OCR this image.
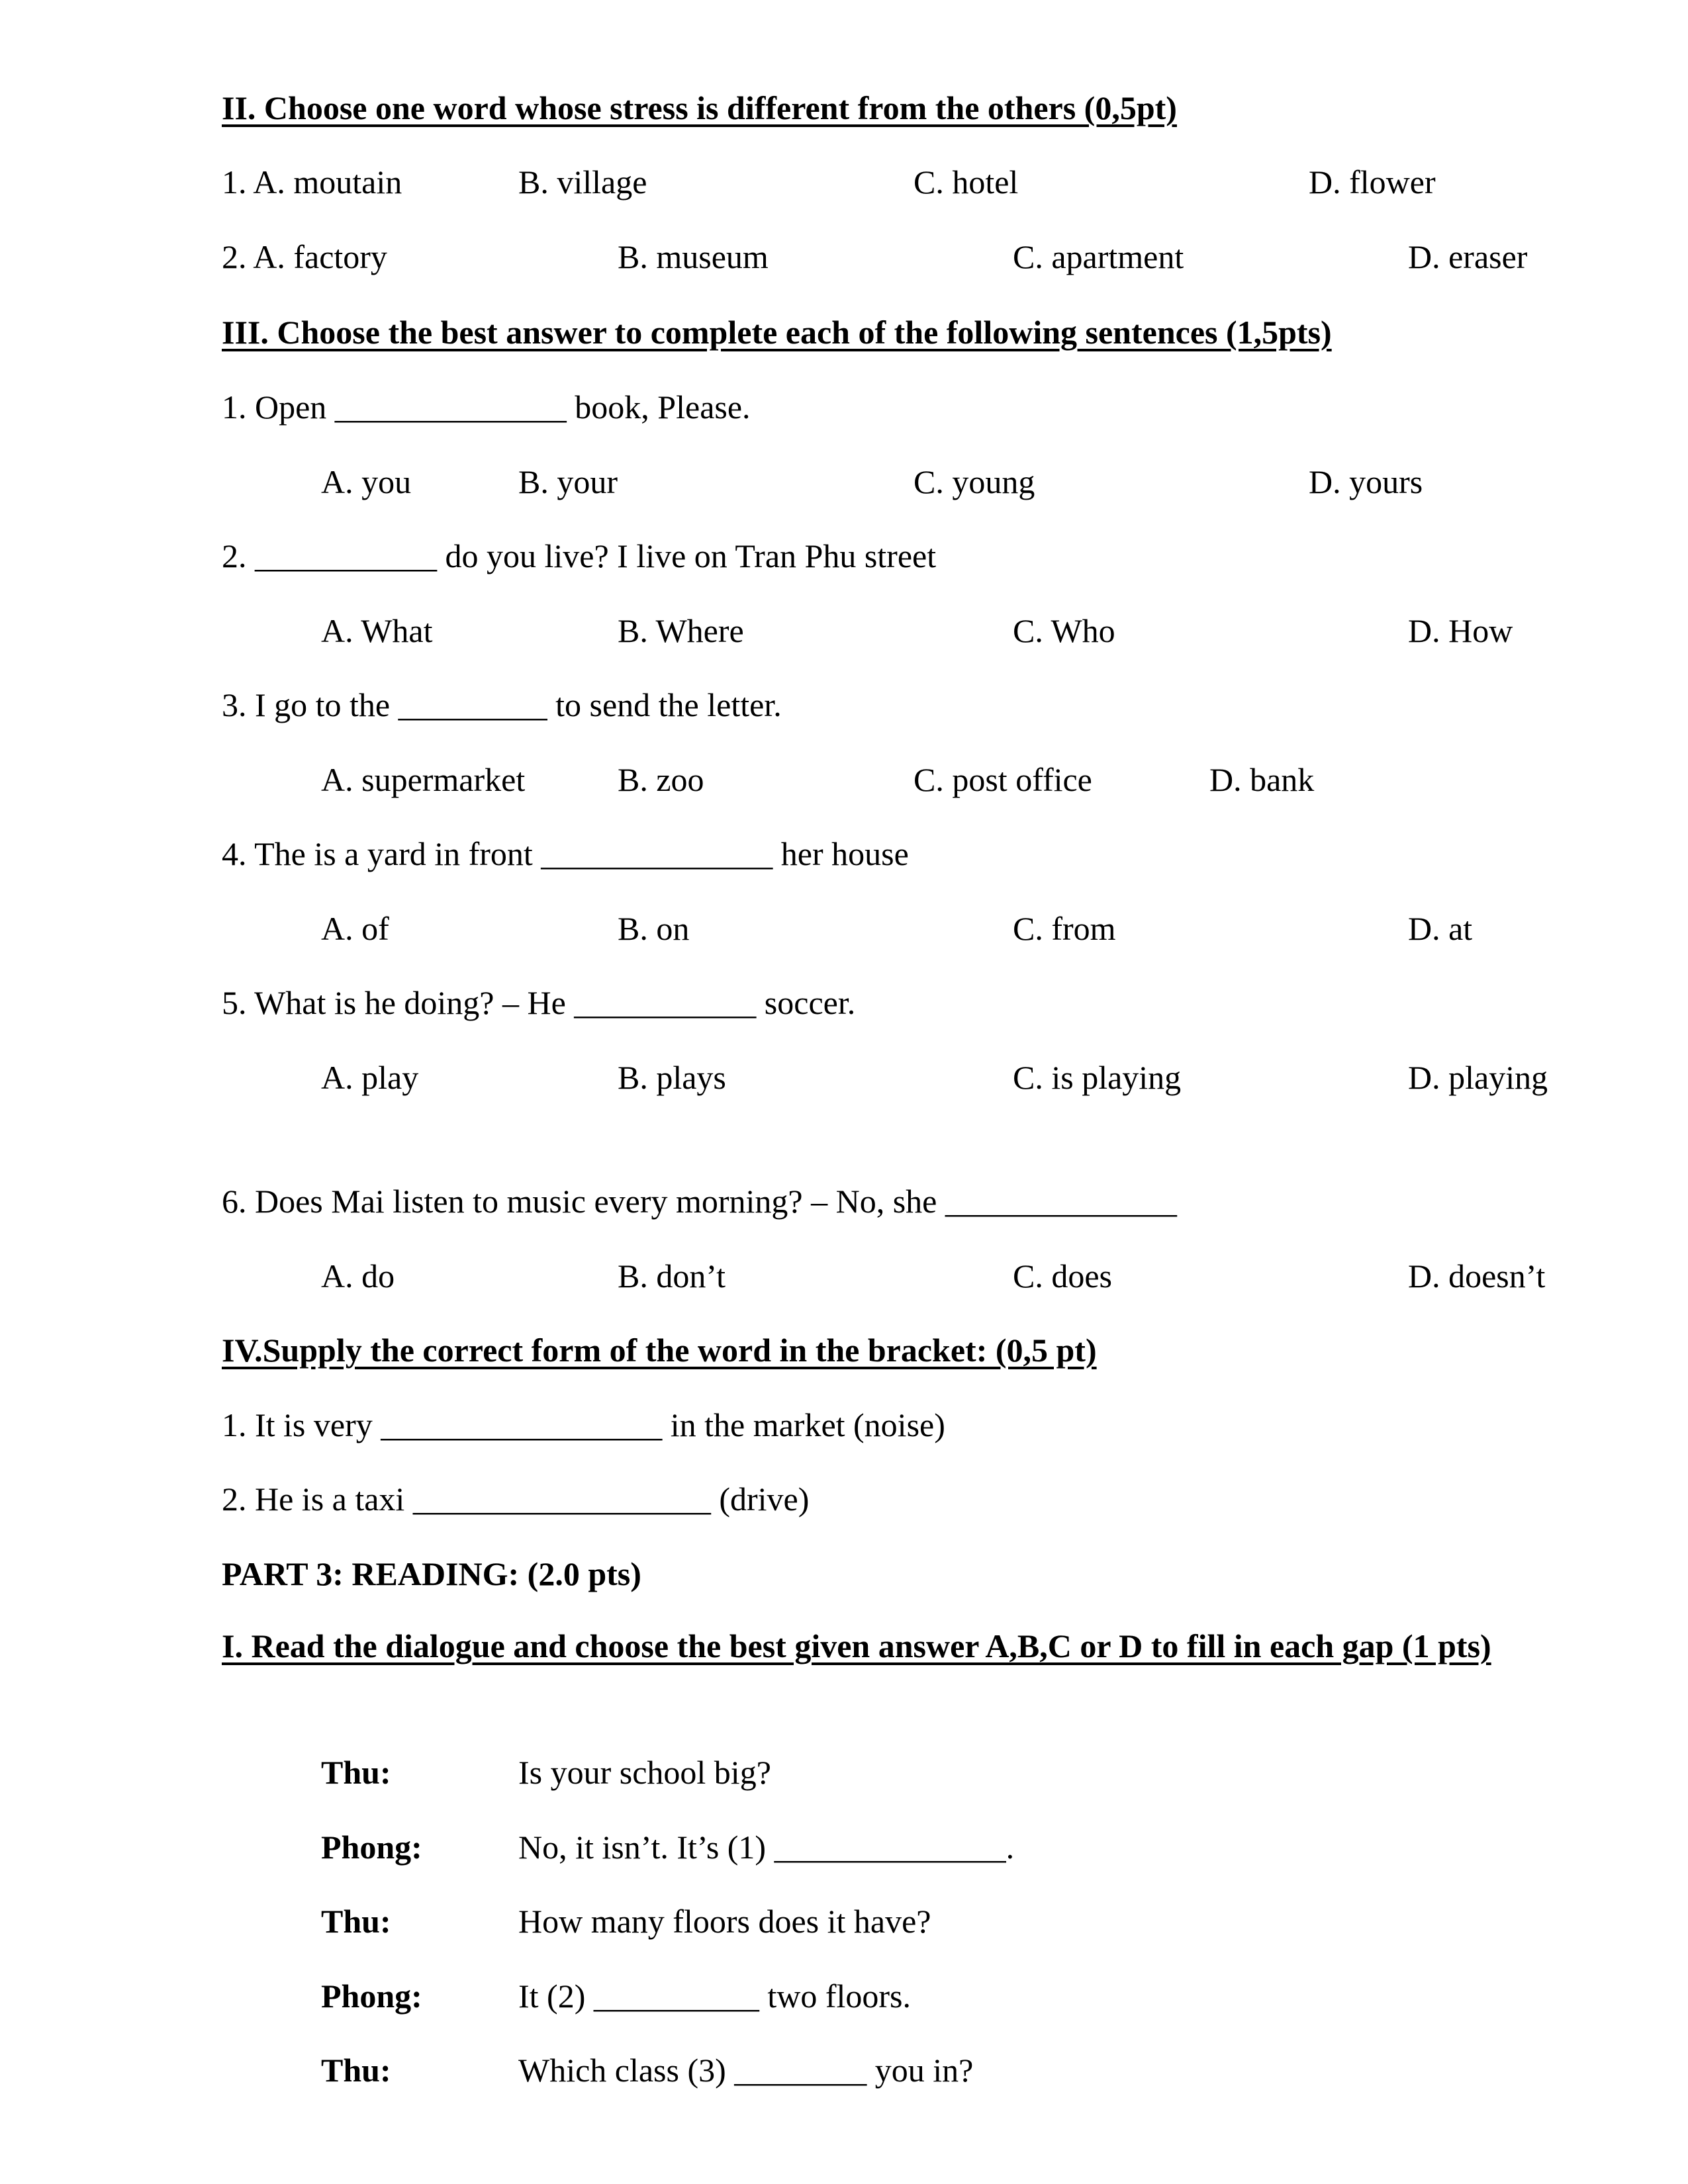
II. Choose one word whose stress is different from the others (0,5pt)
1. A. moutain	B. village	C. hotel	D. flower
2. A. factory	B. museum	C. apartment	D. eraser
III. Choose the best answer to complete each of the following sentences (1,5pts)
1. Open ______________ book, Please.
A. you	B. your	C. young	D. yours
2. ___________ do you live? I live on Tran Phu street
A. What	B. Where	C. Who	D. How
3. I go to the _________ to send the letter.
A. supermarket	B. zoo	C. post office	D. bank
4. The is a yard in front ______________ her house
A. of	B. on	C. from	D. at
5. What is he doing? – He ___________ soccer.
A. play	B. plays	C. is playing	D. playing
6. Does Mai listen to music every morning? – No, she ______________
A. do	B. don’t	C. does	D. doesn’t
IV.Supply the correct form of the word in the bracket: (0,5 pt)
1. It is very _________________ in the market (noise)
2. He is a taxi __________________ (drive)
PART 3: READING: (2.0 pts)
I. Read the dialogue and choose the best given answer A,B,C or D to fill in each gap (1 pts)
Thu:	Is your school big?
Phong:	No, it isn’t. It’s (1) ______________.
Thu:	How many floors does it have?
Phong:	It (2) __________ two floors.
Thu:	Which class (3) ________ you in?
